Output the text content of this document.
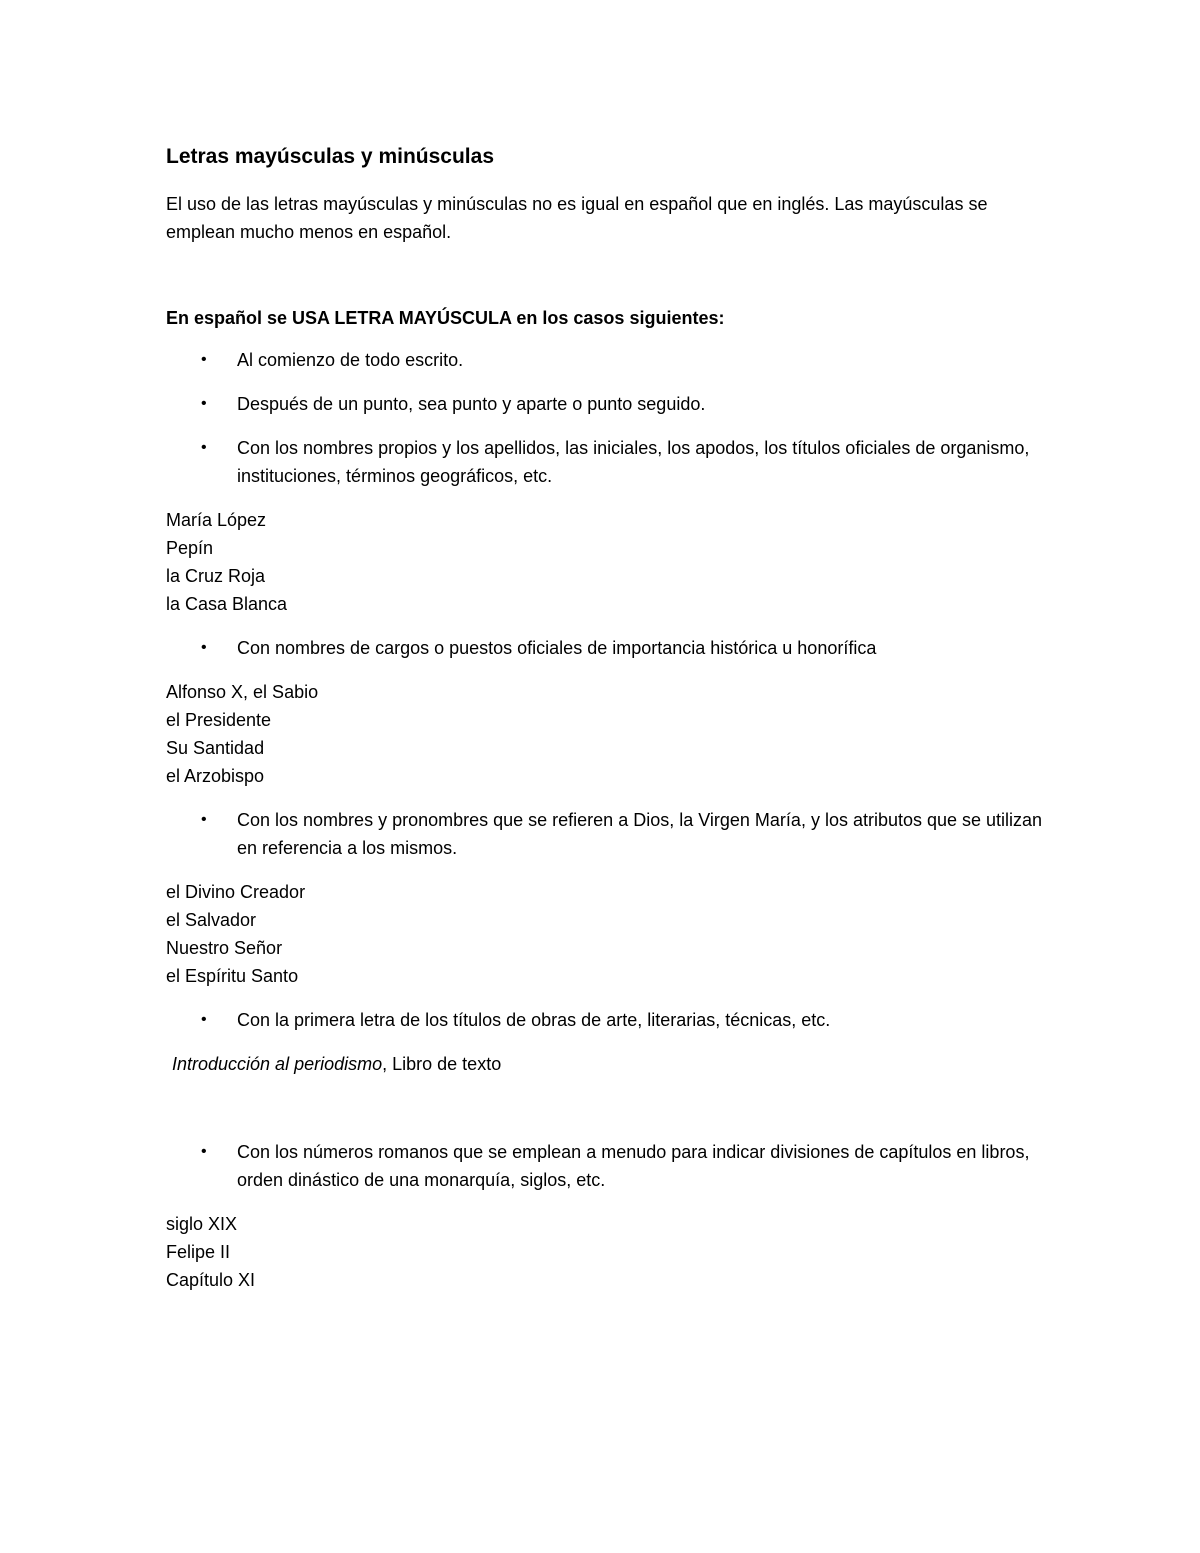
Letras mayúsculas y minúsculas

El uso de las letras mayúsculas y minúsculas no es igual en español que en inglés. Las mayúsculas se emplean mucho menos en español.

En español se USA LETRA MAYÚSCULA en los casos siguientes:

• Al comienzo de todo escrito.
• Después de un punto, sea punto y aparte o punto seguido.
• Con los nombres propios y los apellidos, las iniciales, los apodos, los títulos oficiales de organismo, instituciones, términos geográficos, etc.
María López
Pepín
la Cruz Roja
la Casa Blanca
• Con nombres de cargos o puestos oficiales de importancia histórica u honorífica
Alfonso X, el Sabio
el Presidente
Su Santidad
el Arzobispo
• Con los nombres y pronombres que se refieren a Dios, la Virgen María, y los atributos que se utilizan en referencia a los mismos.
el Divino Creador
el Salvador
Nuestro Señor
el Espíritu Santo
• Con la primera letra de los títulos de obras de arte, literarias, técnicas, etc.

Introducción al periodismo, Libro de texto

• Con los números romanos que se emplean a menudo para indicar divisiones de capítulos en libros, orden dinástico de una monarquía, siglos, etc.
siglo XIX
Felipe II
Capítulo XI
